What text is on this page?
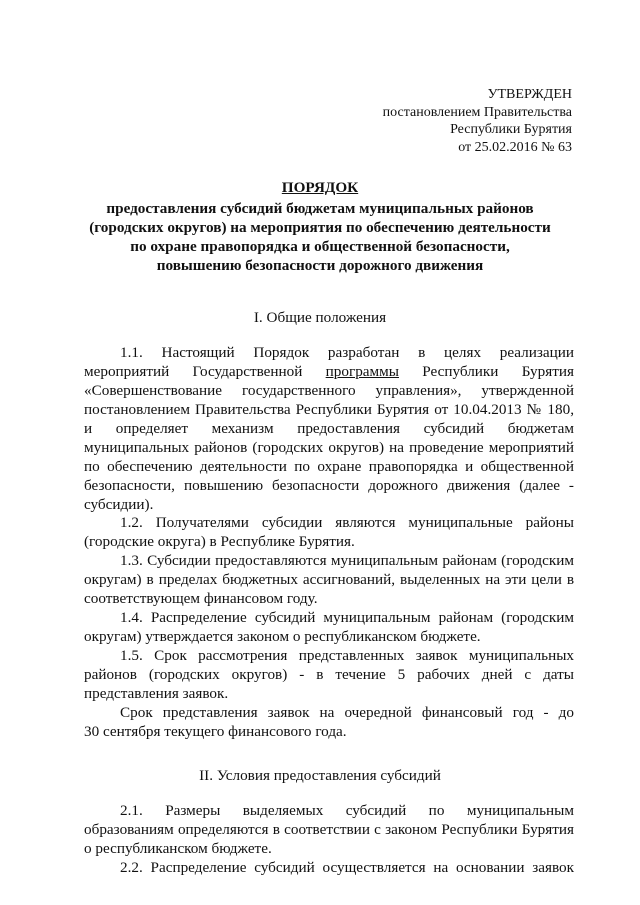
УТВЕРЖДЕН
постановлением Правительства
Республики Бурятия
от 25.02.2016 № 63
ПОРЯДОК
предоставления субсидий бюджетам муниципальных районов
(городских округов) на мероприятия по обеспечению деятельности
по охране правопорядка и общественной безопасности,
повышению безопасности дорожного движения
I. Общие положения
1.1. Настоящий Порядок разработан в целях реализации
мероприятий Государственной программы Республики Бурятия
«Совершенствование государственного управления», утвержденной
постановлением Правительства Республики Бурятия от 10.04.2013 № 180,
и определяет механизм предоставления субсидий бюджетам
муниципальных районов (городских округов) на проведение мероприятий
по обеспечению деятельности по охране правопорядка и общественной
безопасности, повышению безопасности дорожного движения (далее -
субсидии).
1.2. Получателями субсидии являются муниципальные районы
(городские округа) в Республике Бурятия.
1.3. Субсидии предоставляются муниципальным районам (городским
округам) в пределах бюджетных ассигнований, выделенных на эти цели в
соответствующем финансовом году.
1.4. Распределение субсидий муниципальным районам (городским
округам) утверждается законом о республиканском бюджете.
1.5. Срок рассмотрения представленных заявок муниципальных
районов (городских округов) - в течение 5 рабочих дней с даты
представления заявок.
Срок представления заявок на очередной финансовый год - до
30 сентября текущего финансового года.
II. Условия предоставления субсидий
2.1. Размеры выделяемых субсидий по муниципальным
образованиям определяются в соответствии с законом Республики Бурятия
о республиканском бюджете.
2.2. Распределение субсидий осуществляется на основании заявок
